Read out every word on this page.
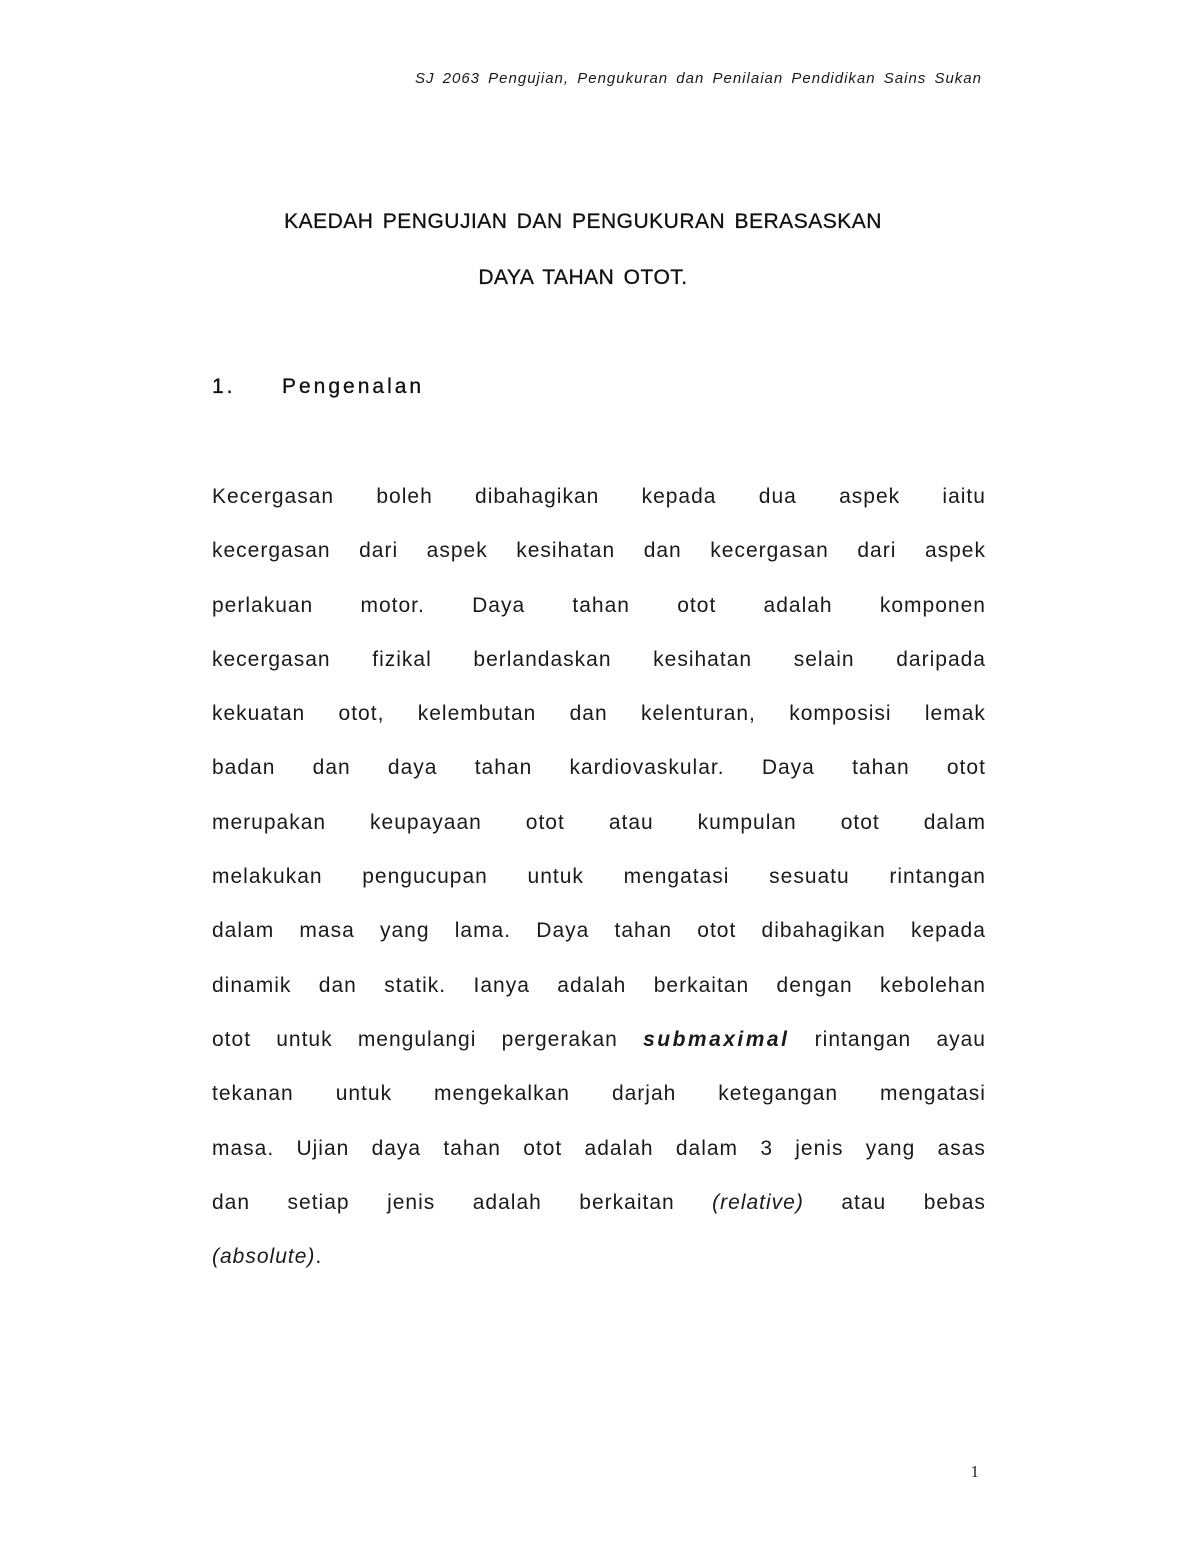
SJ 2063 Pengujian, Pengukuran dan Penilaian Pendidikan Sains Sukan
KAEDAH PENGUJIAN DAN PENGUKURAN BERASASKAN
DAYA TAHAN OTOT.
1. Pengenalan
Kecergasan boleh dibahagikan kepada dua aspek iaitu
kecergasan dari aspek kesihatan dan kecergasan dari aspek
perlakuan motor. Daya tahan otot adalah komponen
kecergasan fizikal berlandaskan kesihatan selain daripada
kekuatan otot, kelembutan dan kelenturan, komposisi lemak
badan dan daya tahan kardiovaskular. Daya tahan otot
merupakan keupayaan otot atau kumpulan otot dalam
melakukan pengucupan untuk mengatasi sesuatu rintangan
dalam masa yang lama. Daya tahan otot dibahagikan kepada
dinamik dan statik. Ianya adalah berkaitan dengan kebolehan
otot untuk mengulangi pergerakan submaximal rintangan ayau
tekanan untuk mengekalkan darjah ketegangan mengatasi
masa. Ujian daya tahan otot adalah dalam 3 jenis yang asas
dan setiap jenis adalah berkaitan (relative) atau bebas
(absolute).
1
